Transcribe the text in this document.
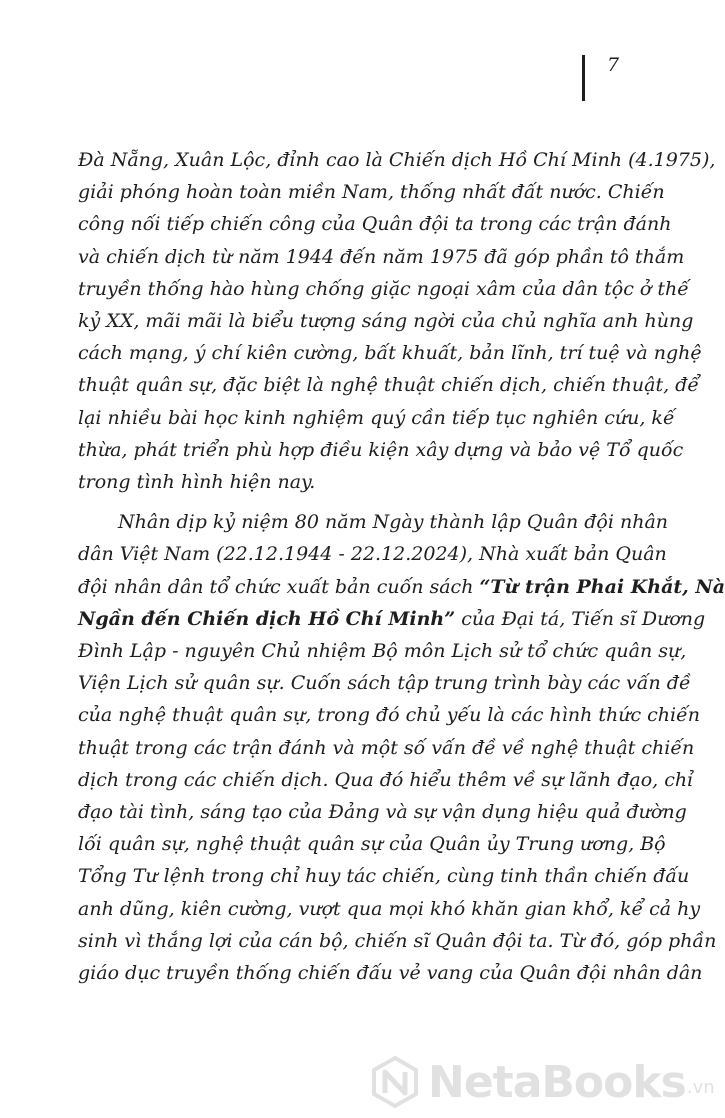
7
Đà Nẵng, Xuân Lộc, đỉnh cao là Chiến dịch Hồ Chí Minh (4.1975),
giải phóng hoàn toàn miền Nam, thống nhất đất nước. Chiến
công nối tiếp chiến công của Quân đội ta trong các trận đánh
và chiến dịch từ năm 1944 đến năm 1975 đã góp phần tô thắm
truyền thống hào hùng chống giặc ngoại xâm của dân tộc ở thế
kỷ XX, mãi mãi là biểu tượng sáng ngời của chủ nghĩa anh hùng
cách mạng, ý chí kiên cường, bất khuất, bản lĩnh, trí tuệ và nghệ
thuật quân sự, đặc biệt là nghệ thuật chiến dịch, chiến thuật, để
lại nhiều bài học kinh nghiệm quý cần tiếp tục nghiên cứu, kế
thừa, phát triển phù hợp điều kiện xây dựng và bảo vệ Tổ quốc
trong tình hình hiện nay.
Nhân dịp kỷ niệm 80 năm Ngày thành lập Quân đội nhân
dân Việt Nam (22.12.1944 - 22.12.2024), Nhà xuất bản Quân
đội nhân dân tổ chức xuất bản cuốn sách “Từ trận Phai Khắt, Nà
Ngần đến Chiến dịch Hồ Chí Minh” của Đại tá, Tiến sĩ Dương
Đình Lập - nguyên Chủ nhiệm Bộ môn Lịch sử tổ chức quân sự,
Viện Lịch sử quân sự. Cuốn sách tập trung trình bày các vấn đề
của nghệ thuật quân sự, trong đó chủ yếu là các hình thức chiến
thuật trong các trận đánh và một số vấn đề về nghệ thuật chiến
dịch trong các chiến dịch. Qua đó hiểu thêm về sự lãnh đạo, chỉ
đạo tài tình, sáng tạo của Đảng và sự vận dụng hiệu quả đường
lối quân sự, nghệ thuật quân sự của Quân ủy Trung ương, Bộ
Tổng Tư lệnh trong chỉ huy tác chiến, cùng tinh thần chiến đấu
anh dũng, kiên cường, vượt qua mọi khó khăn gian khổ, kể cả hy
sinh vì thắng lợi của cán bộ, chiến sĩ Quân đội ta. Từ đó, góp phần
giáo dục truyền thống chiến đấu vẻ vang của Quân đội nhân dân
NetaBooks .vn
